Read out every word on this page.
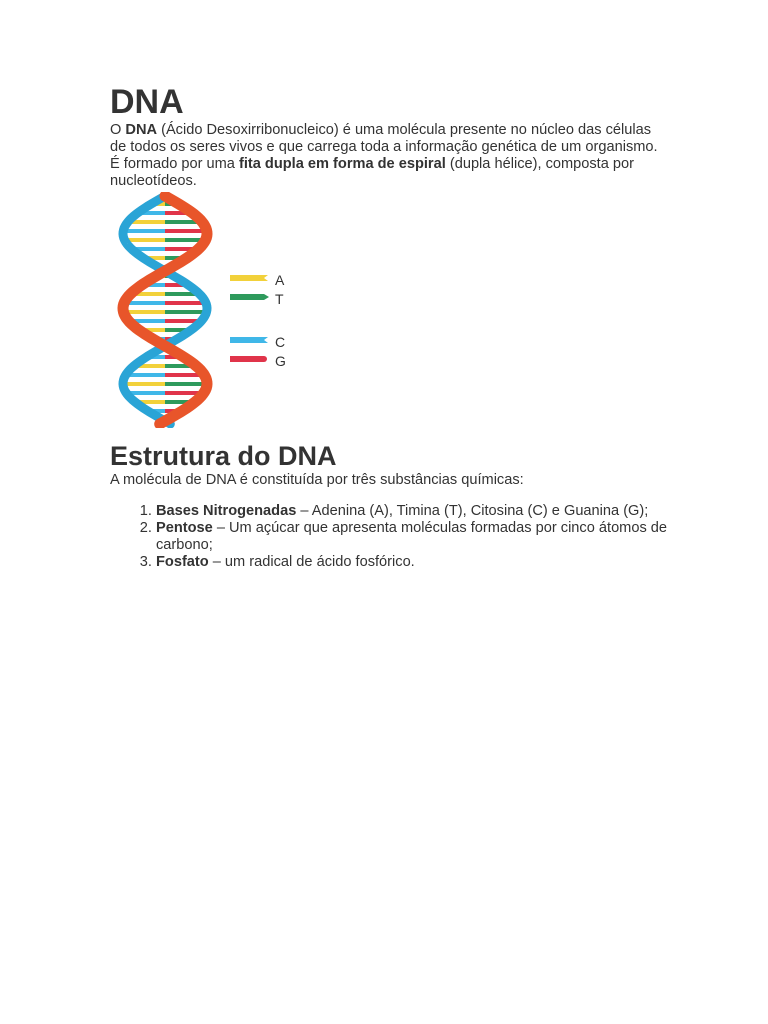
DNA

O DNA (Ácido Desoxirribonucleico) é uma molécula presente no núcleo das células de todos os seres vivos e que carrega toda a informação genética de um organismo.

É formado por uma fita dupla em forma de espiral (dupla hélice), composta por nucleotídeos.

A
T
C
G
Estrutura do DNA

A molécula de DNA é constituída por três substâncias químicas:

1. Bases Nitrogenadas – Adenina (A), Timina (T), Citosina (C) e Guanina (G);
2. Pentose – Um açúcar que apresenta moléculas formadas por cinco átomos de carbono;
3. Fosfato – um radical de ácido fosfórico.
